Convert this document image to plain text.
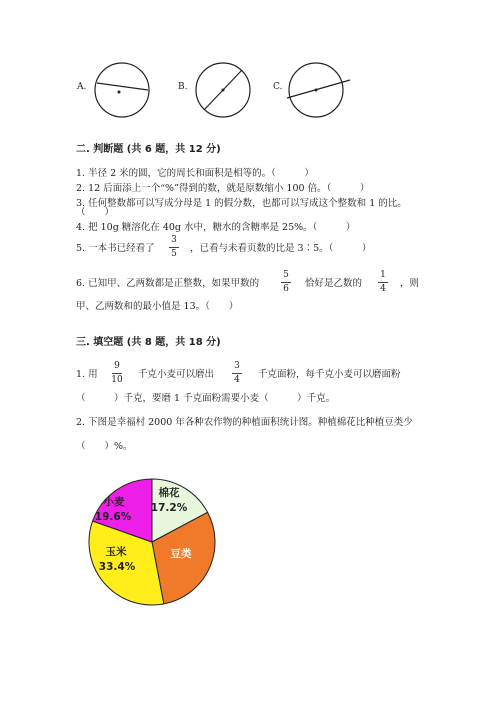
A.	B.	C.
二. 判断题 (共 6 题，共 12 分)
1. 半径 2 米的圆，它的周长和面积是相等的。（　　　）
2. 12 后面添上一个“%”得到的数，就是原数缩小 100 倍。（　　　）
3. 任何整数都可以写成分母是 1 的假分数，也都可以写成这个整数和 1 的比。
（　　）
4. 把 10g 糖溶化在 40g 水中，糖水的含糖率是 25%。（　　　）
5. 一本书已经看了
3
5	，已看与未看页数的比是 3∶5。（　　　）
6. 已知甲、乙两数都是正整数，如果甲数的
5
6	恰好是乙数的
1
4	，则
甲、乙两数和的最小值是 13。（　　）
三. 填空题 (共 8 题，共 18 分)
1. 用
9
10 千克小麦可以磨出
3
4	千克面粉，每千克小麦可以磨面粉
（　　　）千克，要磨 1 千克面粉需要小麦（　　　）千克。
2. 下图是幸福村 2000 年各种农作物的种植面积统计图。种植棉花比种植豆类少
（　　）%。
棉花
17.2%
豆类
玉米
33.4%
小麦
19.6%
